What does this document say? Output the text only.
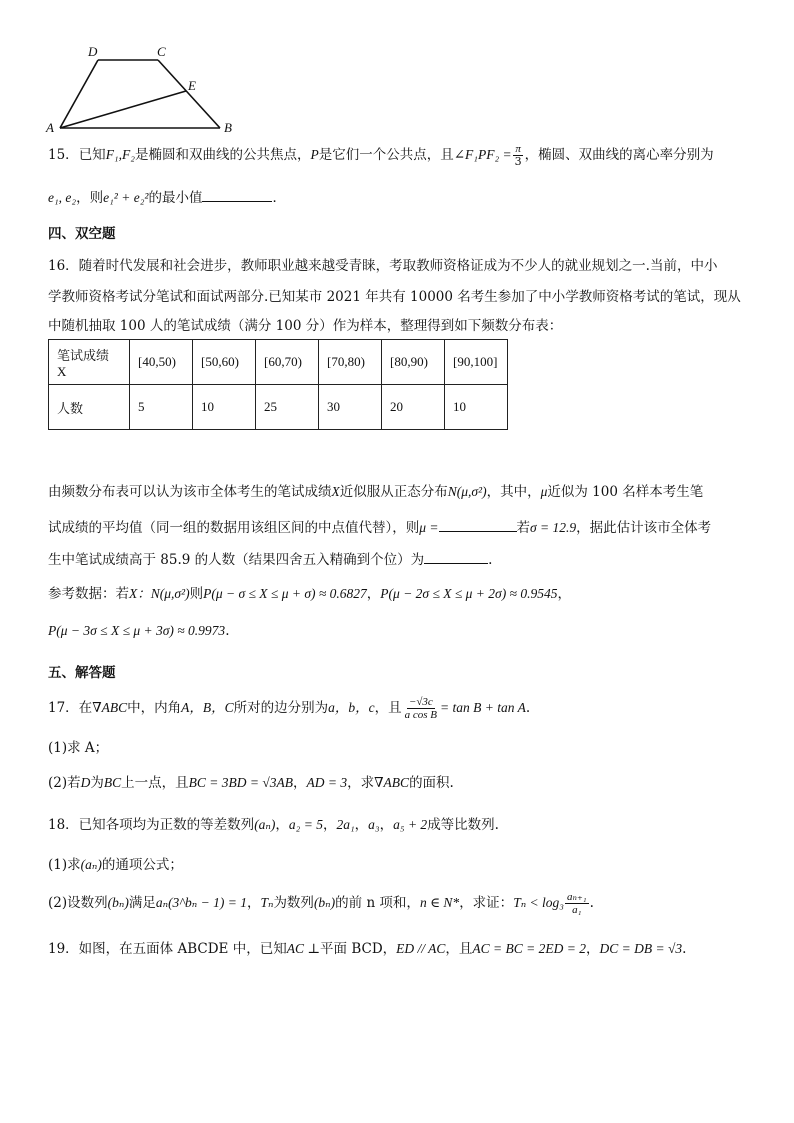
A	B
C
D
E
15．已知F₁,F₂是椭圆和双曲线的公共焦点，P是它们一个公共点，且∠F₁PF₂ = $\frac{\pi}{3}$ ，椭圆、双曲线的离心率分别为
e₁, e₂，则e₁² + e₂²的最小值	．
四、双空题
16．随着时代发展和社会进步，教师职业越来越受青睐，考取教师资格证成为不少人的就业规划之一.当前，中小
学教师资格考试分笔试和面试两部分.已知某市 2021 年共有 10000 名考生参加了中小学教师资格考试的笔试，现从
中随机抽取 100 人的笔试成绩（满分 100 分）作为样本，整理得到如下频数分布表：
笔试成绩 X	[40,50)	[50,60)	[60,70)	[70,80)	[80,90)	[90,100]
人数	5	10	25	30	20	10
由频数分布表可以认为该市全体考生的笔试成绩X近似服从正态分布N(μ,σ²)，其中，μ近似为 100 名样本考生笔
试成绩的平均值（同一组的数据用该组区间的中点值代替），则μ =	若σ = 12.9，据此估计该市全体考
生中笔试成绩高于 85.9 的人数（结果四舍五入精确到个位）为	.
参考数据：若X：N(μ,σ²)则P(μ − σ ≤ X ≤ μ + σ) ≈ 0.6827，P(μ − 2σ ≤ X ≤ μ + 2σ) ≈ 0.9545，
P(μ − 3σ ≤ X ≤ μ + 3σ) ≈ 0.9973.
五、解答题
17．在∇ABC中，内角A，B，C所对的边分别为a，b，c，且 $\frac{-√3c}{\text{a cos B}} = \tan B + \tan A$.
(1)求 A；
(2)若D为BC上一点，且BC = 3BD = √3AB，AD = 3，求∇ABC的面积.
18．已知各项均为正数的等差数列(aₙ)，a₂ = 5，2a₁，a₃，a₅ + 2成等比数列.
(1)求(aₙ)的通项公式；
(2)设数列(bₙ)满足aₙ(3^bₙ − 1) = 1，Tₙ为数列(bₙ)的前 n 项和，n ∈ N*，求证：$T_n < \log_3 \frac{\text{aₙ₊₁}}{\text{a₁}}$ .
19．如图，在五面体 ABCDE 中，已知AC ⊥平面 BCD，ED // AC，且AC = BC = 2ED = 2，DC = DB = √3.
